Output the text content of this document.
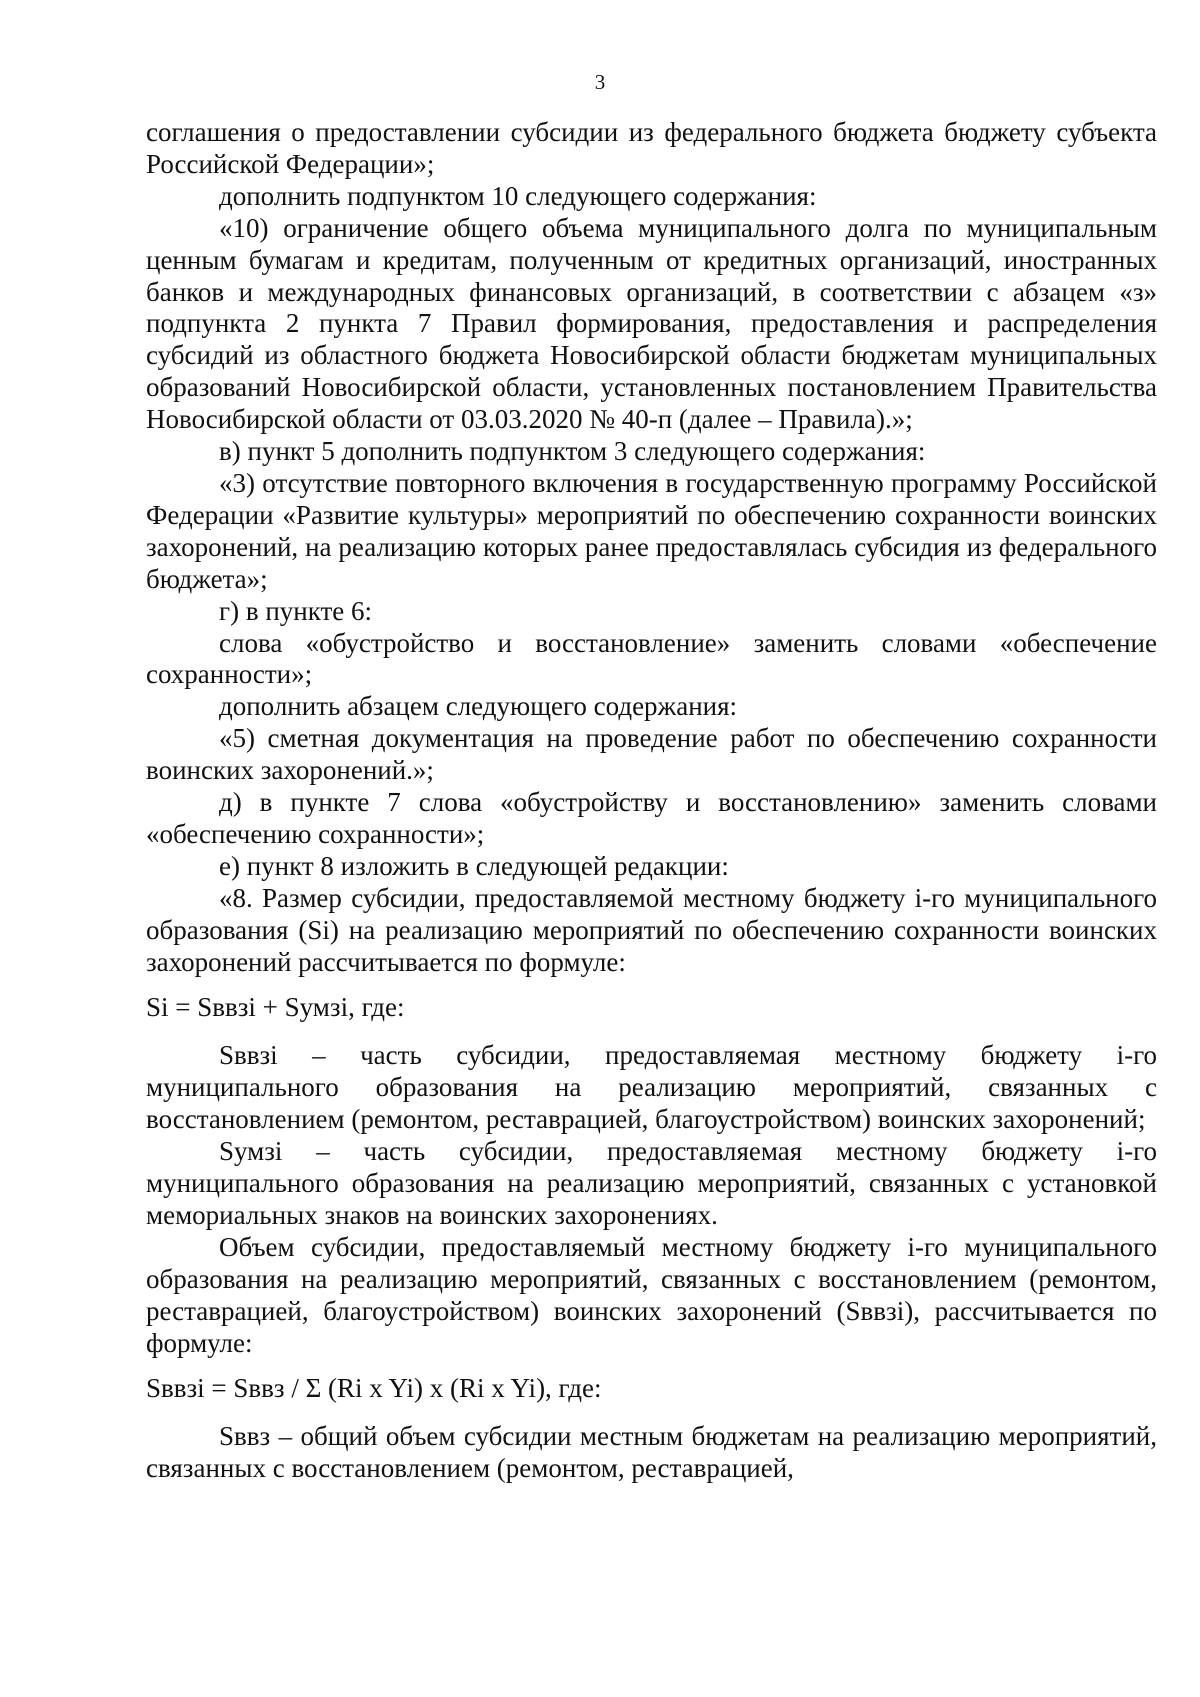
3

соглашения о предоставлении субсидии из федерального бюджета бюджету субъекта Российской Федерации»;

дополнить подпунктом 10 следующего содержания:

«10) ограничение общего объема муниципального долга по муниципальным ценным бумагам и кредитам, полученным от кредитных организаций, иностранных банков и международных финансовых организаций, в соответствии с абзацем «з» подпункта 2 пункта 7 Правил формирования, предоставления и распределения субсидий из областного бюджета Новосибирской области бюджетам муниципальных образований Новосибирской области, установленных постановлением Правительства Новосибирской области от 03.03.2020 № 40-п (далее – Правила).»;

в) пункт 5 дополнить подпунктом 3 следующего содержания:

«3) отсутствие повторного включения в государственную программу Российской Федерации «Развитие культуры» мероприятий по обеспечению сохранности воинских захоронений, на реализацию которых ранее предоставлялась субсидия из федерального бюджета»;

г) в пункте 6:

слова «обустройство и восстановление» заменить словами «обеспечение сохранности»;

дополнить абзацем следующего содержания:

«5) сметная документация на проведение работ по обеспечению сохранности воинских захоронений.»;

д) в пункте 7 слова «обустройству и восстановлению» заменить словами «обеспечению сохранности»;

е) пункт 8 изложить в следующей редакции:

«8. Размер субсидии, предоставляемой местному бюджету i-го муниципального образования (Si) на реализацию мероприятий по обеспечению сохранности воинских захоронений рассчитывается по формуле:

Si = Sввзi + Sумзi, где:

Sввзi – часть субсидии, предоставляемая местному бюджету i-го муниципального образования на реализацию мероприятий, связанных с восстановлением (ремонтом, реставрацией, благоустройством) воинских захоронений;

Sумзi – часть субсидии, предоставляемая местному бюджету i-го муниципального образования на реализацию мероприятий, связанных с установкой мемориальных знаков на воинских захоронениях.

Объем субсидии, предоставляемый местному бюджету i-го муниципального образования на реализацию мероприятий, связанных с восстановлением (ремонтом, реставрацией, благоустройством) воинских захоронений (Sввзi), рассчитывается по формуле:

Sввзi = Sввз / Σ (Ri x Yi) x (Ri x Yi), где:

Sввз – общий объем субсидии местным бюджетам на реализацию мероприятий, связанных с восстановлением (ремонтом, реставрацией,
